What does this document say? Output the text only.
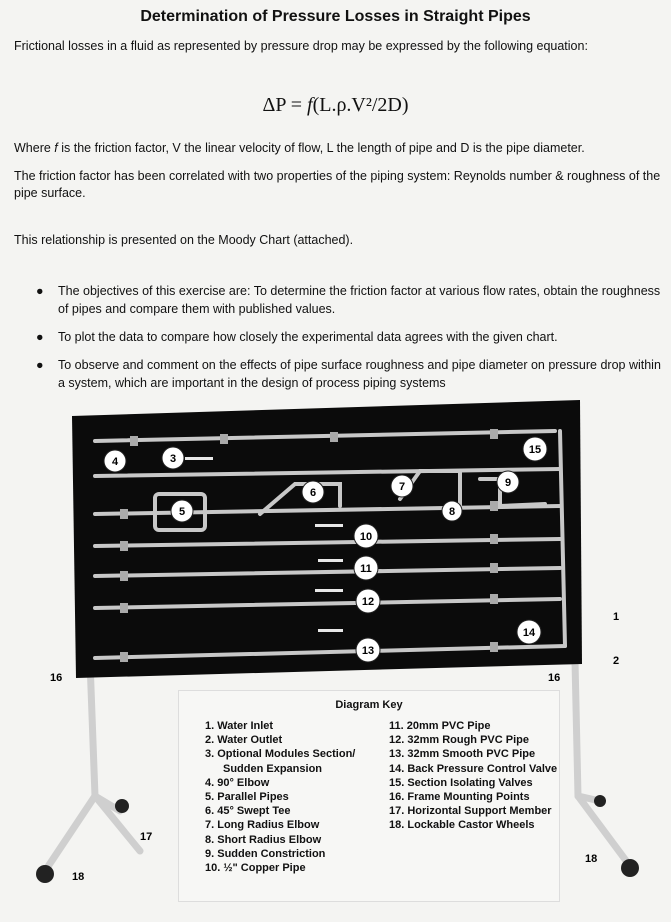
Determination of Pressure Losses in Straight Pipes
Frictional losses in a fluid as represented by pressure drop may be expressed by the following equation:
ΔP = f(L.ρ.V²/2D)
Where f is the friction factor, V the linear velocity of flow, L the length of pipe and D is the pipe diameter.
The friction factor has been correlated with two properties of the piping system: Reynolds number & roughness of the pipe surface.
This relationship is presented on the Moody Chart (attached).
● The objectives of this exercise are: To determine the friction factor at various flow rates, obtain the roughness of pipes and compare them with published values.
● To plot the data to compare how closely the experimental data agrees with the given chart.
● To observe and comment on the effects of pipe surface roughness and pipe diameter on pressure drop within a system, which are important in the design of process piping systems
1
2
3
4
5
6	7
8
9
10
11
12
13
14
15
16	16
17
18
18
Diagram Key
1. Water Inlet
2. Water Outlet
3. Optional Modules Section/
Sudden Expansion
4. 90° Elbow
5. Parallel Pipes
6. 45° Swept Tee
7. Long Radius Elbow
8. Short Radius Elbow
9. Sudden Constriction
10. ½" Copper Pipe
11. 20mm PVC Pipe
12. 32mm Rough PVC Pipe
13. 32mm Smooth PVC Pipe
14. Back Pressure Control Valve
15. Section Isolating Valves
16. Frame Mounting Points
17. Horizontal Support Member
18. Lockable Castor Wheels
